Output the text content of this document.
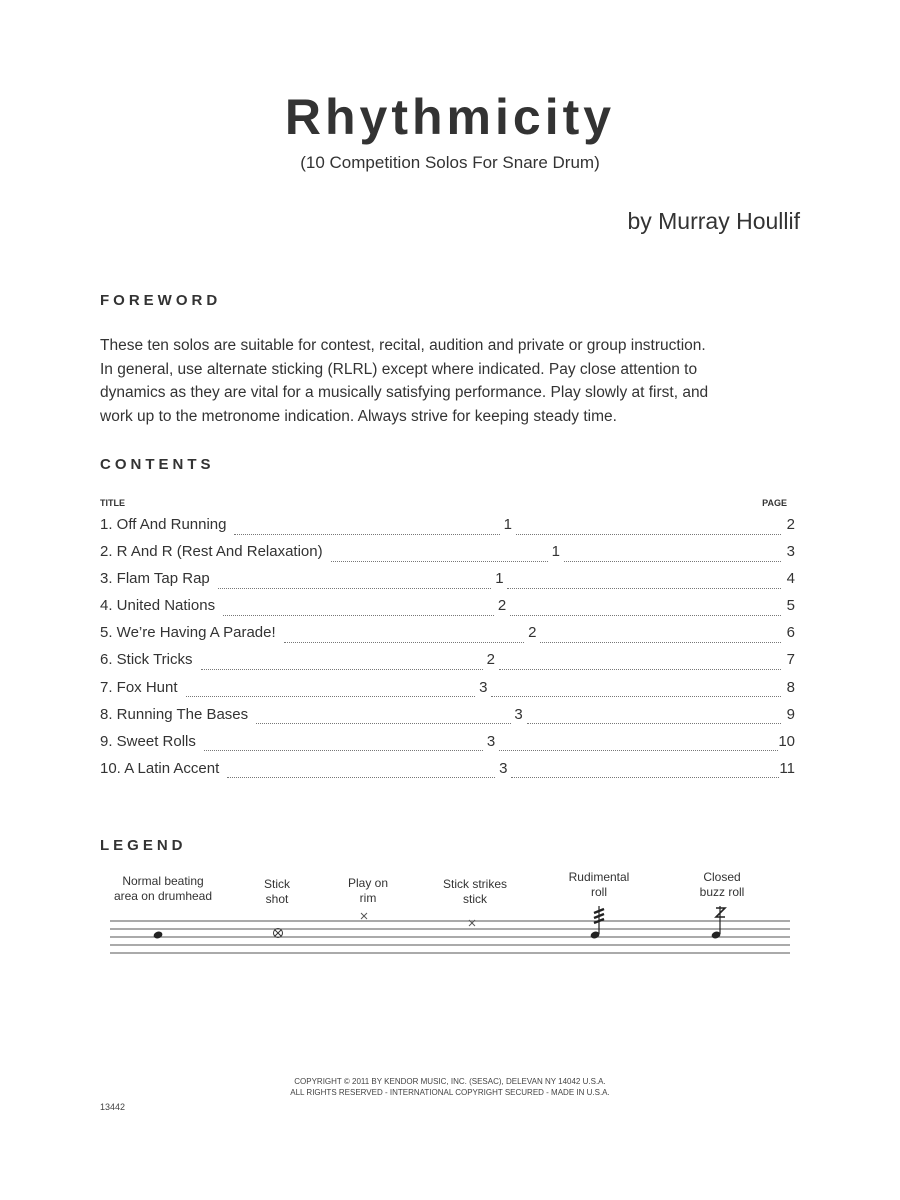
Rhythmicity
(10 Competition Solos For Snare Drum)
by Murray Houllif
FOREWORD
These ten solos are suitable for contest, recital, audition and private or group instruction.
In general, use alternate sticking (RLRL) except where indicated. Pay close attention to
dynamics as they are vital for a musically satisfying performance. Play slowly at first, and
work up to the metronome indication. Always strive for keeping steady time.
CONTENTS
TITLE	PAGE
1. Off And Running	1	2
2. R And R (Rest And Relaxation)	1	3
3. Flam Tap Rap	1	4
4. United Nations	2	5
5. We’re Having A Parade!	2	6
6. Stick Tricks	2	7
7. Fox Hunt	3	8
8. Running The Bases	3	9
9. Sweet Rolls	3	10
10. A Latin Accent	3	11
LEGEND
Normal beating
area on drumhead
Stick
shot
Play on
rim
Stick strikes
stick
Rudimental
roll
Closed
buzz roll
COPYRIGHT © 2011 BY KENDOR MUSIC, INC. (SESAC), DELEVAN NY 14042 U.S.A.
ALL RIGHTS RESERVED - INTERNATIONAL COPYRIGHT SECURED - MADE IN U.S.A.
13442
